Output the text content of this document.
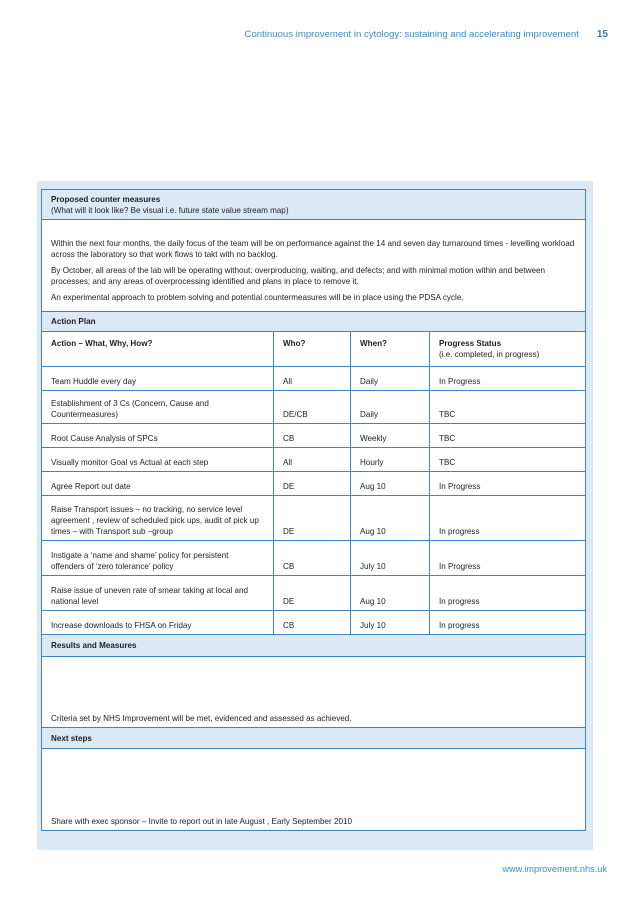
Continuous improvement in cytology: sustaining and accelerating improvement 15
Proposed counter measures
(What will it look like? Be visual i.e. future state value stream map)			

Within the next four months, the daily focus of the team will be on performance against the 14 and seven day turnaround times - levelling workload across the laboratory so that work flows to takt with no backlog.
By October, all areas of the lab will be operating without: overproducing, waiting, and defects; and with minimal motion within and between processes; and any areas of overprocessing identified and plans in place to remove it.
An experimental approach to problem solving and potential countermeasures will be in place using the PDSA cycle.			

Action Plan			
Action – What, Why, How?	Who?	When?	Progress Status
(i.e. completed, in progress)

Team Huddle every day	All	Daily	In Progress
Establishment of 3 Cs (Concern, Cause and Countermeasures)	DE/CB	Daily	TBC
Root Cause Analysis of SPCs	CB	Weekly	TBC
Visually monitor Goal vs Actual at each step	All	Hourly	TBC
Agree Report out date	DE	Aug 10	In Progress
Raise Transport issues – no tracking, no service level agreement , review of scheduled pick ups, audit of pick up times – with Transport sub –group	DE	Aug 10	In progress
Instigate a ‘name and shame’ policy for persistent offenders of ‘zero tolerance’ policy	CB	July 10	In Progress
Raise issue of uneven rate of smear taking at local and national level	DE	Aug 10	In progress
Increase downloads to FHSA on Friday	CB	July 10	In progress
Results and Measures			
Criteria set by NHS Improvement will be met, evidenced and assessed as achieved.			
Next steps			
Share with exec sponsor – Invite to report out in late August , Early September 2010			
www.improvement.nhs.uk
